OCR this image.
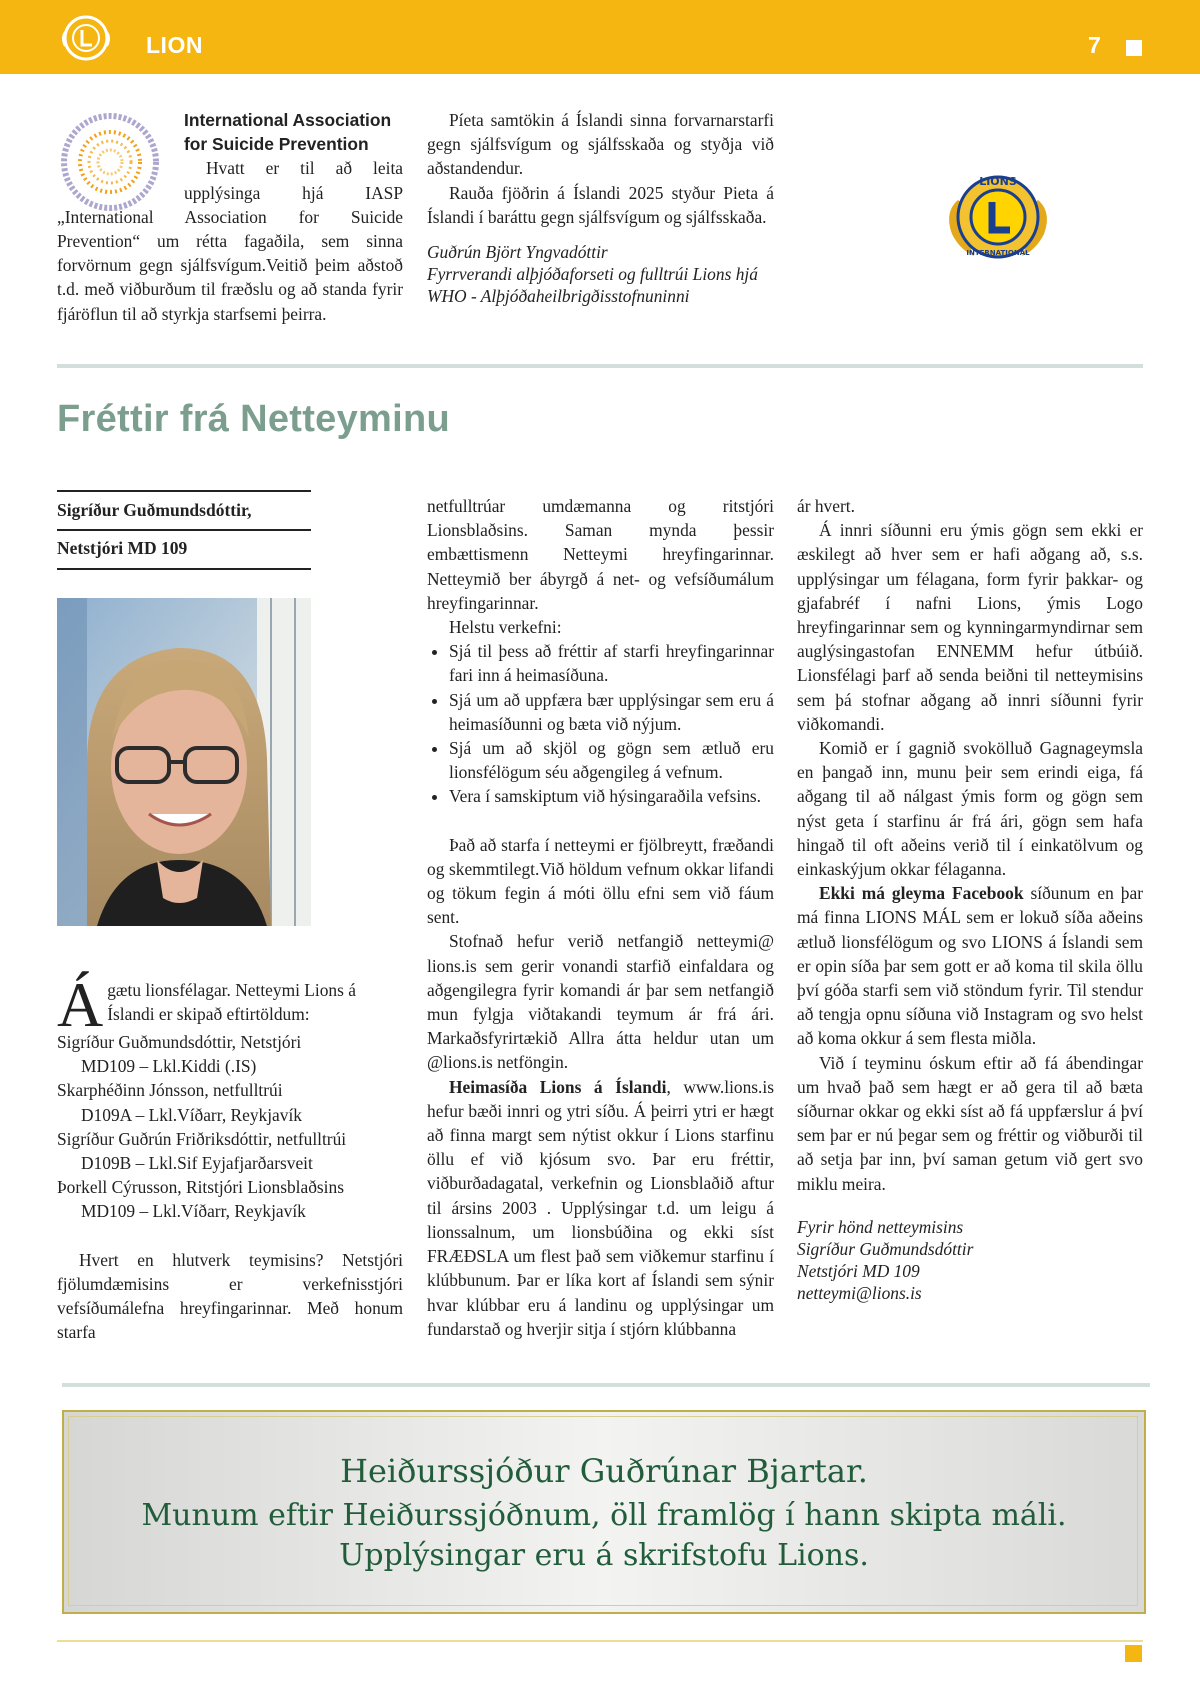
LION	7
International Association for Suicide Prevention

Hvatt er til að leita upplýsinga hjá IASP „International Association for Suicide Prevention“ um rétta fagaðila, sem sinna forvörnum gegn sjálfsvígum.Veitið þeim aðstoð t.d. með viðburðum til fræðslu og að standa fyrir fjáröflun til að styrkja starfsemi þeirra.

Píeta samtökin á Íslandi sinna forvarnarstarfi gegn sjálfsvígum og sjálfsskaða og styðja við aðstandendur.

Rauða fjöðrin á Íslandi 2025 styður Pieta á Íslandi í baráttu gegn sjálfsvígum og sjálfsskaða.

Guðrún Björt Yngvadóttir

Fyrrverandi alþjóðaforseti og fulltrúi Lions hjá WHO - Alþjóðaheilbrigðisstofnuninni

LIONS
INTERNATIONAL
Fréttir frá Netteyminu
Sigríður Guðmundsdóttir,
Netstjóri MD 109

Ágætu lionsfélagar. Netteymi Lions á Íslandi er skipað eftirtöldum:

Sigríður Guðmundsdóttir, Netstjóri

MD109 – Lkl.Kiddi (.IS)

Skarphéðinn Jónsson, netfulltrúi

D109A – Lkl.Víðarr, Reykjavík

Sigríður Guðrún Friðriksdóttir, netfulltrúi

D109B – Lkl.Sif Eyjafjarðarsveit

Þorkell Cýrusson, Ritstjóri Lionsblaðsins

MD109 – Lkl.Víðarr, Reykjavík

Hvert en hlutverk teymisins? Netstjóri fjölumdæmisins er verkefnisstjóri vefsíðumálefna hreyfingarinnar. Með honum starfa

netfulltrúar umdæmanna og ritstjóri Lionsblaðsins. Saman mynda þessir embættismenn Netteymi hreyfingarinnar. Netteymið ber ábyrgð á net- og vefsíðumálum hreyfingarinnar.

Helstu verkefni:

• Sjá til þess að fréttir af starfi hreyfingarinnar fari inn á heimasíðuna.
• Sjá um að uppfæra bær upplýsingar sem eru á heimasíðunni og bæta við nýjum.
• Sjá um að skjöl og gögn sem ætluð eru lionsfélögum séu aðgengileg á vefnum.
• Vera í samskiptum við hýsingaraðila vefsins.

Það að starfa í netteymi er fjölbreytt, fræðandi og skemmtilegt.Við höldum vefnum okkar lifandi og tökum fegin á móti öllu efni sem við fáum sent.

Stofnað hefur verið netfangið netteymi@ lions.is sem gerir vonandi starfið einfaldara og aðgengilegra fyrir komandi ár þar sem netfangið mun fylgja viðtakandi teymum ár frá ári. Markaðsfyrirtækið Allra átta heldur utan um @lions.is netföngin.

Heimasíða Lions á Íslandi, www.lions.is hefur bæði innri og ytri síðu. Á þeirri ytri er hægt að finna margt sem nýtist okkur í Lions starfinu öllu ef við kjósum svo. Þar eru fréttir, viðburðadagatal, verkefnin og Lionsblaðið aftur til ársins 2003 . Upplýsingar t.d. um leigu á lionssalnum, um lionsbúðina og ekki síst FRÆÐSLA um flest það sem viðkemur starfinu í klúbbunum. Þar er líka kort af Íslandi sem sýnir hvar klúbbar eru á landinu og upplýsingar um fundarstað og hverjir sitja í stjórn klúbbanna

ár hvert.

Á innri síðunni eru ýmis gögn sem ekki er æskilegt að hver sem er hafi aðgang að, s.s. upplýsingar um félagana, form fyrir þakkar- og gjafabréf í nafni Lions, ýmis Logo hreyfingarinnar sem og kynningarmyndirnar sem auglýsingastofan ENNEMM hefur útbúið. Lionsfélagi þarf að senda beiðni til netteymisins sem þá stofnar aðgang að innri síðunni fyrir viðkomandi.

Komið er í gagnið svokölluð Gagnageymsla en þangað inn, munu þeir sem erindi eiga, fá aðgang til að nálgast ýmis form og gögn sem nýst geta í starfinu ár frá ári, gögn sem hafa hingað til oft aðeins verið til í einkatölvum og einkaskýjum okkar félaganna.

Ekki má gleyma Facebook síðunum en þar má finna LIONS MÁL sem er lokuð síða aðeins ætluð lionsfélögum og svo LIONS á Íslandi sem er opin síða þar sem gott er að koma til skila öllu því góða starfi sem við stöndum fyrir. Til stendur að tengja opnu síðuna við Instagram og svo helst að koma okkur á sem flesta miðla.

Við í teyminu óskum eftir að fá ábendingar um hvað það sem hægt er að gera til að bæta síðurnar okkar og ekki síst að fá uppfærslur á því sem þar er nú þegar sem og fréttir og viðburði til að setja þar inn, því saman getum við gert svo miklu meira.

Fyrir hönd netteymisins

Sigríður Guðmundsdóttir

Netstjóri MD 109

netteymi@lions.is

Heiðurssjóður Guðrúnar Bjartar.
Munum eftir Heiðurssjóðnum, öll framlög í hann skipta máli.
Upplýsingar eru á skrifstofu Lions.
